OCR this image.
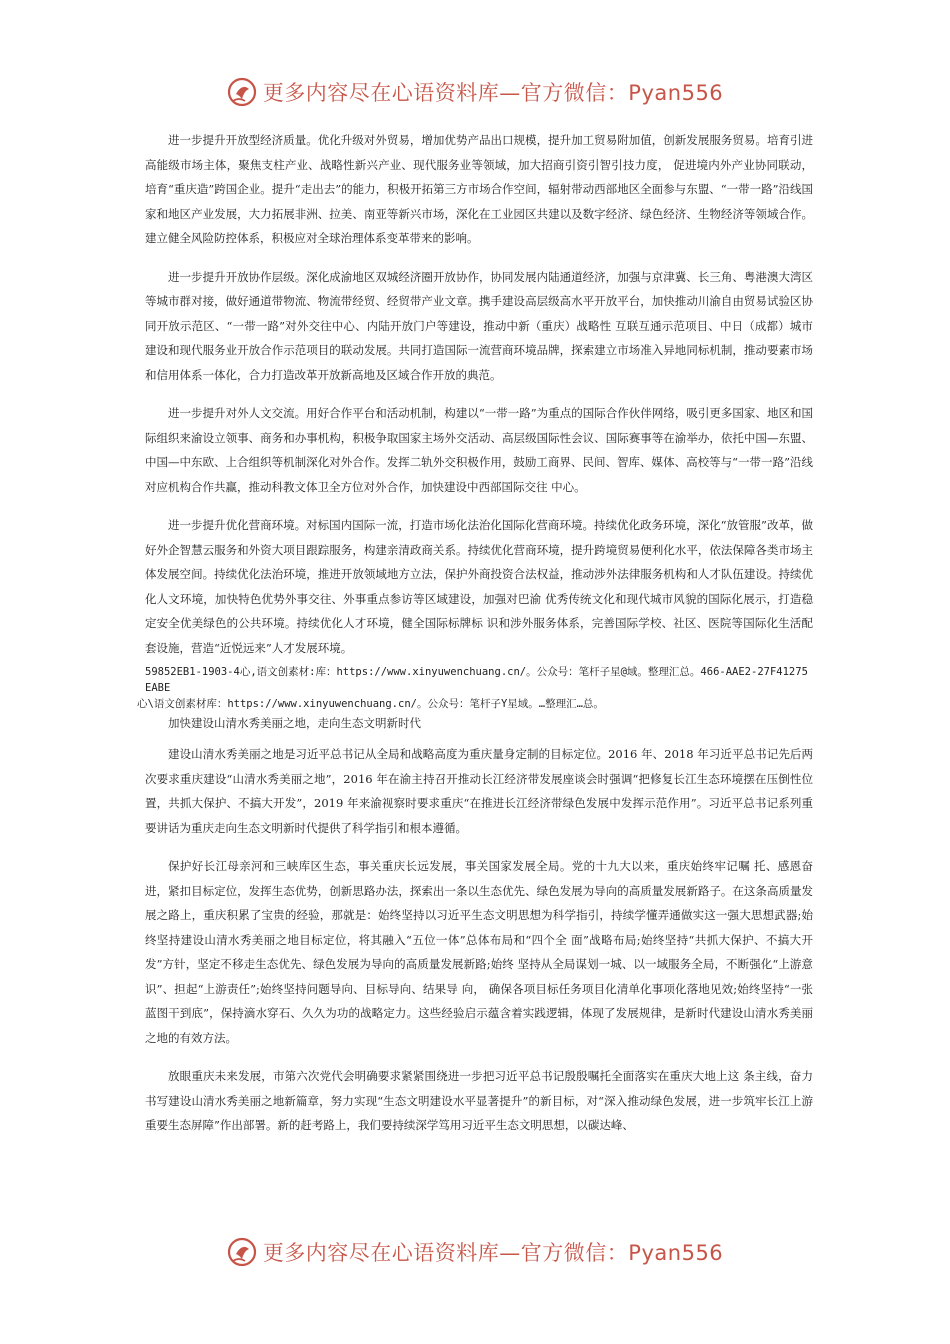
更多内容尽在心语资料库—官方微信：Pyan556

进一步提升开放型经济质量。优化升级对外贸易，增加优势产品出口规模，提升加工贸易附加值，创新发展服务贸易。培育引进高能级市场主体，聚焦支柱产业、战略性新兴产业、现代服务业等领域，加大招商引资引智引技力度， 促进境内外产业协同联动，培育“重庆造”跨国企业。提升“走出去”的能力，积极开拓第三方市场合作空间，辐射带动西部地区全面参与东盟、“一带一路”沿线国家和地区产业发展，大力拓展非洲、拉美、南亚等新兴市场，深化在工业园区共建以及数字经济、绿色经济、生物经济等领域合作。建立健全风险防控体系，积极应对全球治理体系变革带来的影响。

进一步提升开放协作层级。深化成渝地区双城经济圈开放协作，协同发展内陆通道经济，加强与京津冀、长三角、粤港澳大湾区等城市群对接，做好通道带物流、物流带经贸、经贸带产业文章。携手建设高层级高水平开放平台，加快推动川渝自由贸易试验区协同开放示范区、“一带一路”对外交往中心、内陆开放门户等建设，推动中新（重庆）战略性 互联互通示范项目、中日（成都）城市建设和现代服务业开放合作示范项目的联动发展。共同打造国际一流营商环境品牌，探索建立市场准入异地同标机制，推动要素市场和信用体系一体化，合力打造改革开放新高地及区域合作开放的典范。

进一步提升对外人文交流。用好合作平台和活动机制，构建以“一带一路”为重点的国际合作伙伴网络，吸引更多国家、地区和国际组织来渝设立领事、商务和办事机构，积极争取国家主场外交活动、高层级国际性会议、国际赛事等在渝举办，依托中国—东盟、中国—中东欧、上合组织等机制深化对外合作。发挥二轨外交积极作用，鼓励工商界、民间、智库、媒体、高校等与“一带一路”沿线对应机构合作共赢，推动科教文体卫全方位对外合作，加快建设中西部国际交往 中心。

进一步提升优化营商环境。对标国内国际一流，打造市场化法治化国际化营商环境。持续优化政务环境，深化“放管服”改革，做好外企智慧云服务和外资大项目跟踪服务，构建亲清政商关系。持续优化营商环境，提升跨境贸易便利化水平，依法保障各类市场主体发展空间。持续优化法治环境，推进开放领域地方立法，保护外商投资合法权益，推动涉外法律服务机构和人才队伍建设。持续优化人文环境，加快特色优势外事交往、外事重点参访等区域建设，加强对巴渝 优秀传统文化和现代城市风貌的国际化展示，打造稳定安全优美绿色的公共环境。持续优化人才环境，健全国际标牌标 识和涉外服务体系，完善国际学校、社区、医院等国际化生活配套设施，营造“近悦远来”人才发展环境。

59852EB1-1903-4心,语文创素材:库：https://www.xinyuwenchuang.cn/。公众号：笔杆子星@域。整理汇总。466-AAE2-27F41275EABE

心\语文创素材库：https://www.xinyuwenchuang.cn/。公众号：笔杆子Y星域。…整理汇…总。

加快建设山清水秀美丽之地，走向生态文明新时代

建设山清水秀美丽之地是习近平总书记从全局和战略高度为重庆量身定制的目标定位。2016 年、2018 年习近平总书记先后两次要求重庆建设“山清水秀美丽之地”，2016 年在渝主持召开推动长江经济带发展座谈会时强调“把修复长江生态环境摆在压倒性位置，共抓大保护、不搞大开发”，2019 年来渝视察时要求重庆“在推进长江经济带绿色发展中发挥示范作用”。习近平总书记系列重要讲话为重庆走向生态文明新时代提供了科学指引和根本遵循。

保护好长江母亲河和三峡库区生态，事关重庆长远发展，事关国家发展全局。党的十九大以来，重庆始终牢记嘱 托、感恩奋进，紧扣目标定位，发挥生态优势，创新思路办法，探索出一条以生态优先、绿色发展为导向的高质量发展新路子。在这条高质量发展之路上，重庆积累了宝贵的经验，那就是：始终坚持以习近平生态文明思想为科学指引，持续学懂弄通做实这一强大思想武器;始终坚持建设山清水秀美丽之地目标定位，将其融入“五位一体”总体布局和“四个全 面”战略布局;始终坚持“共抓大保护、不搞大开发”方针，坚定不移走生态优先、绿色发展为导向的高质量发展新路;始终 坚持从全局谋划一城、以一域服务全局，不断强化“上游意识”、担起“上游责任”;始终坚持问题导向、目标导向、结果导 向， 确保各项目标任务项目化清单化事项化落地见效;始终坚持“一张蓝图干到底”，保持滴水穿石、久久为功的战略定力。这些经验启示蕴含着实践逻辑，体现了发展规律，是新时代建设山清水秀美丽之地的有效方法。

放眼重庆未来发展，市第六次党代会明确要求紧紧围绕进一步把习近平总书记殷殷嘱托全面落实在重庆大地上这 条主线，奋力书写建设山清水秀美丽之地新篇章，努力实现“生态文明建设水平显著提升”的新目标，对“深入推动绿色发展，进一步筑牢长江上游重要生态屏障”作出部署。新的赶考路上，我们要持续深学笃用习近平生态文明思想，以碳达峰、

更多内容尽在心语资料库—官方微信：Pyan556
